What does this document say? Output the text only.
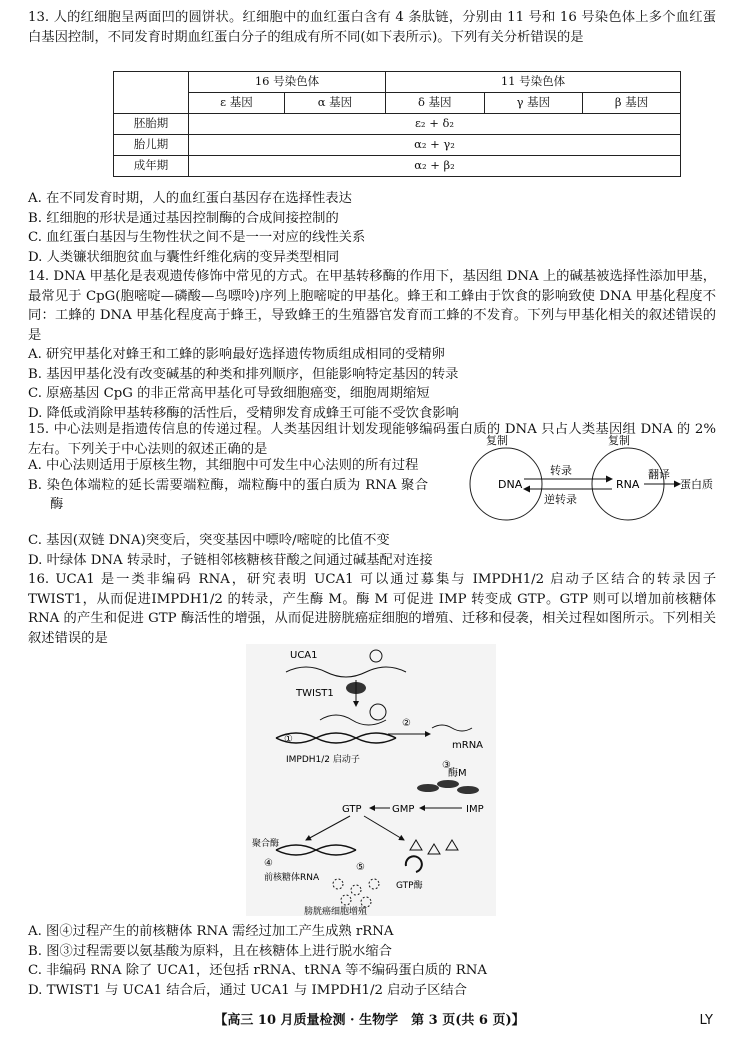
13. 人的红细胞呈两面凹的圆饼状。红细胞中的血红蛋白含有 4 条肽链，分别由 11 号和 16 号染色体上多个血红蛋白基因控制，不同发育时期血红蛋白分子的组成有所不同(如下表所示)。下列有关分析错误的是

	16 号染色体		11 号染色体		
	ε 基因	α 基因	δ 基因	γ 基因	β 基因
胚胎期	ε₂ + δ₂				
胎儿期	α₂ + γ₂				
成年期	α₂ + β₂				

A. 在不同发育时期，人的血红蛋白基因存在选择性表达

B. 红细胞的形状是通过基因控制酶的合成间接控制的

C. 血红蛋白基因与生物性状之间不是一一对应的线性关系

D. 人类镰状细胞贫血与囊性纤维化病的变异类型相同

14. DNA 甲基化是表观遗传修饰中常见的方式。在甲基转移酶的作用下，基因组 DNA 上的碱基被选择性添加甲基，最常见于 CpG(胞嘧啶—磷酸—鸟嘌呤)序列上胞嘧啶的甲基化。蜂王和工蜂由于饮食的影响致使 DNA 甲基化程度不同：工蜂的 DNA 甲基化程度高于蜂王，导致蜂王的生殖器官发育而工蜂的不发育。下列与甲基化相关的叙述错误的是

A. 研究甲基化对蜂王和工蜂的影响最好选择遗传物质组成相同的受精卵

B. 基因甲基化没有改变碱基的种类和排列顺序，但能影响特定基因的转录

C. 原癌基因 CpG 的非正常高甲基化可导致细胞癌变，细胞周期缩短

D. 降低或消除甲基转移酶的活性后，受精卵发育成蜂王可能不受饮食影响

15. 中心法则是指遗传信息的传递过程。人类基因组计划发现能够编码蛋白质的 DNA 只占人类基因组 DNA 的 2%左右。下列关于中心法则的叙述正确的是

A. 中心法则适用于原核生物，其细胞中可发生中心法则的所有过程

B. 染色体端粒的延长需要端粒酶，端粒酶中的蛋白质为 RNA 聚合酶

C. 基因(双链 DNA)突变后，突变基因中嘌呤/嘧啶的比值不变

D. 叶绿体 DNA 转录时，子链相邻核糖核苷酸之间通过碱基配对连接

复制	复制
DNA	RNA
转录
逆转录
翻译
蛋白质

16. UCA1 是一类非编码 RNA，研究表明 UCA1 可以通过募集与 IMPDH1/2 启动子区结合的转录因子 TWIST1，从而促进IMPDH1/2 的转录，产生酶 M。酶 M 可促进 IMP 转变成 GTP。GTP 则可以增加前核糖体 RNA 的产生和促进 GTP 酶活性的增强，从而促进膀胱癌症细胞的增殖、迁移和侵袭，相关过程如图所示。下列相关叙述错误的是

UCA1
TWIST1
①
IMPDH1/2 启动子
②
mRNA
③
酶M
GTP	GMP	IMP
聚合酶
④
前核糖体RNA
⑤
GTP酶
膀胱癌细胞增殖

A. 图④过程产生的前核糖体 RNA 需经过加工产生成熟 rRNA

B. 图③过程需要以氨基酸为原料，且在核糖体上进行脱水缩合

C. 非编码 RNA 除了 UCA1，还包括 rRNA、tRNA 等不编码蛋白质的 RNA

D. TWIST1 与 UCA1 结合后，通过 UCA1 与 IMPDH1/2 启动子区结合

【高三 10 月质量检测 · 生物学　第 3 页(共 6 页)】	LY
